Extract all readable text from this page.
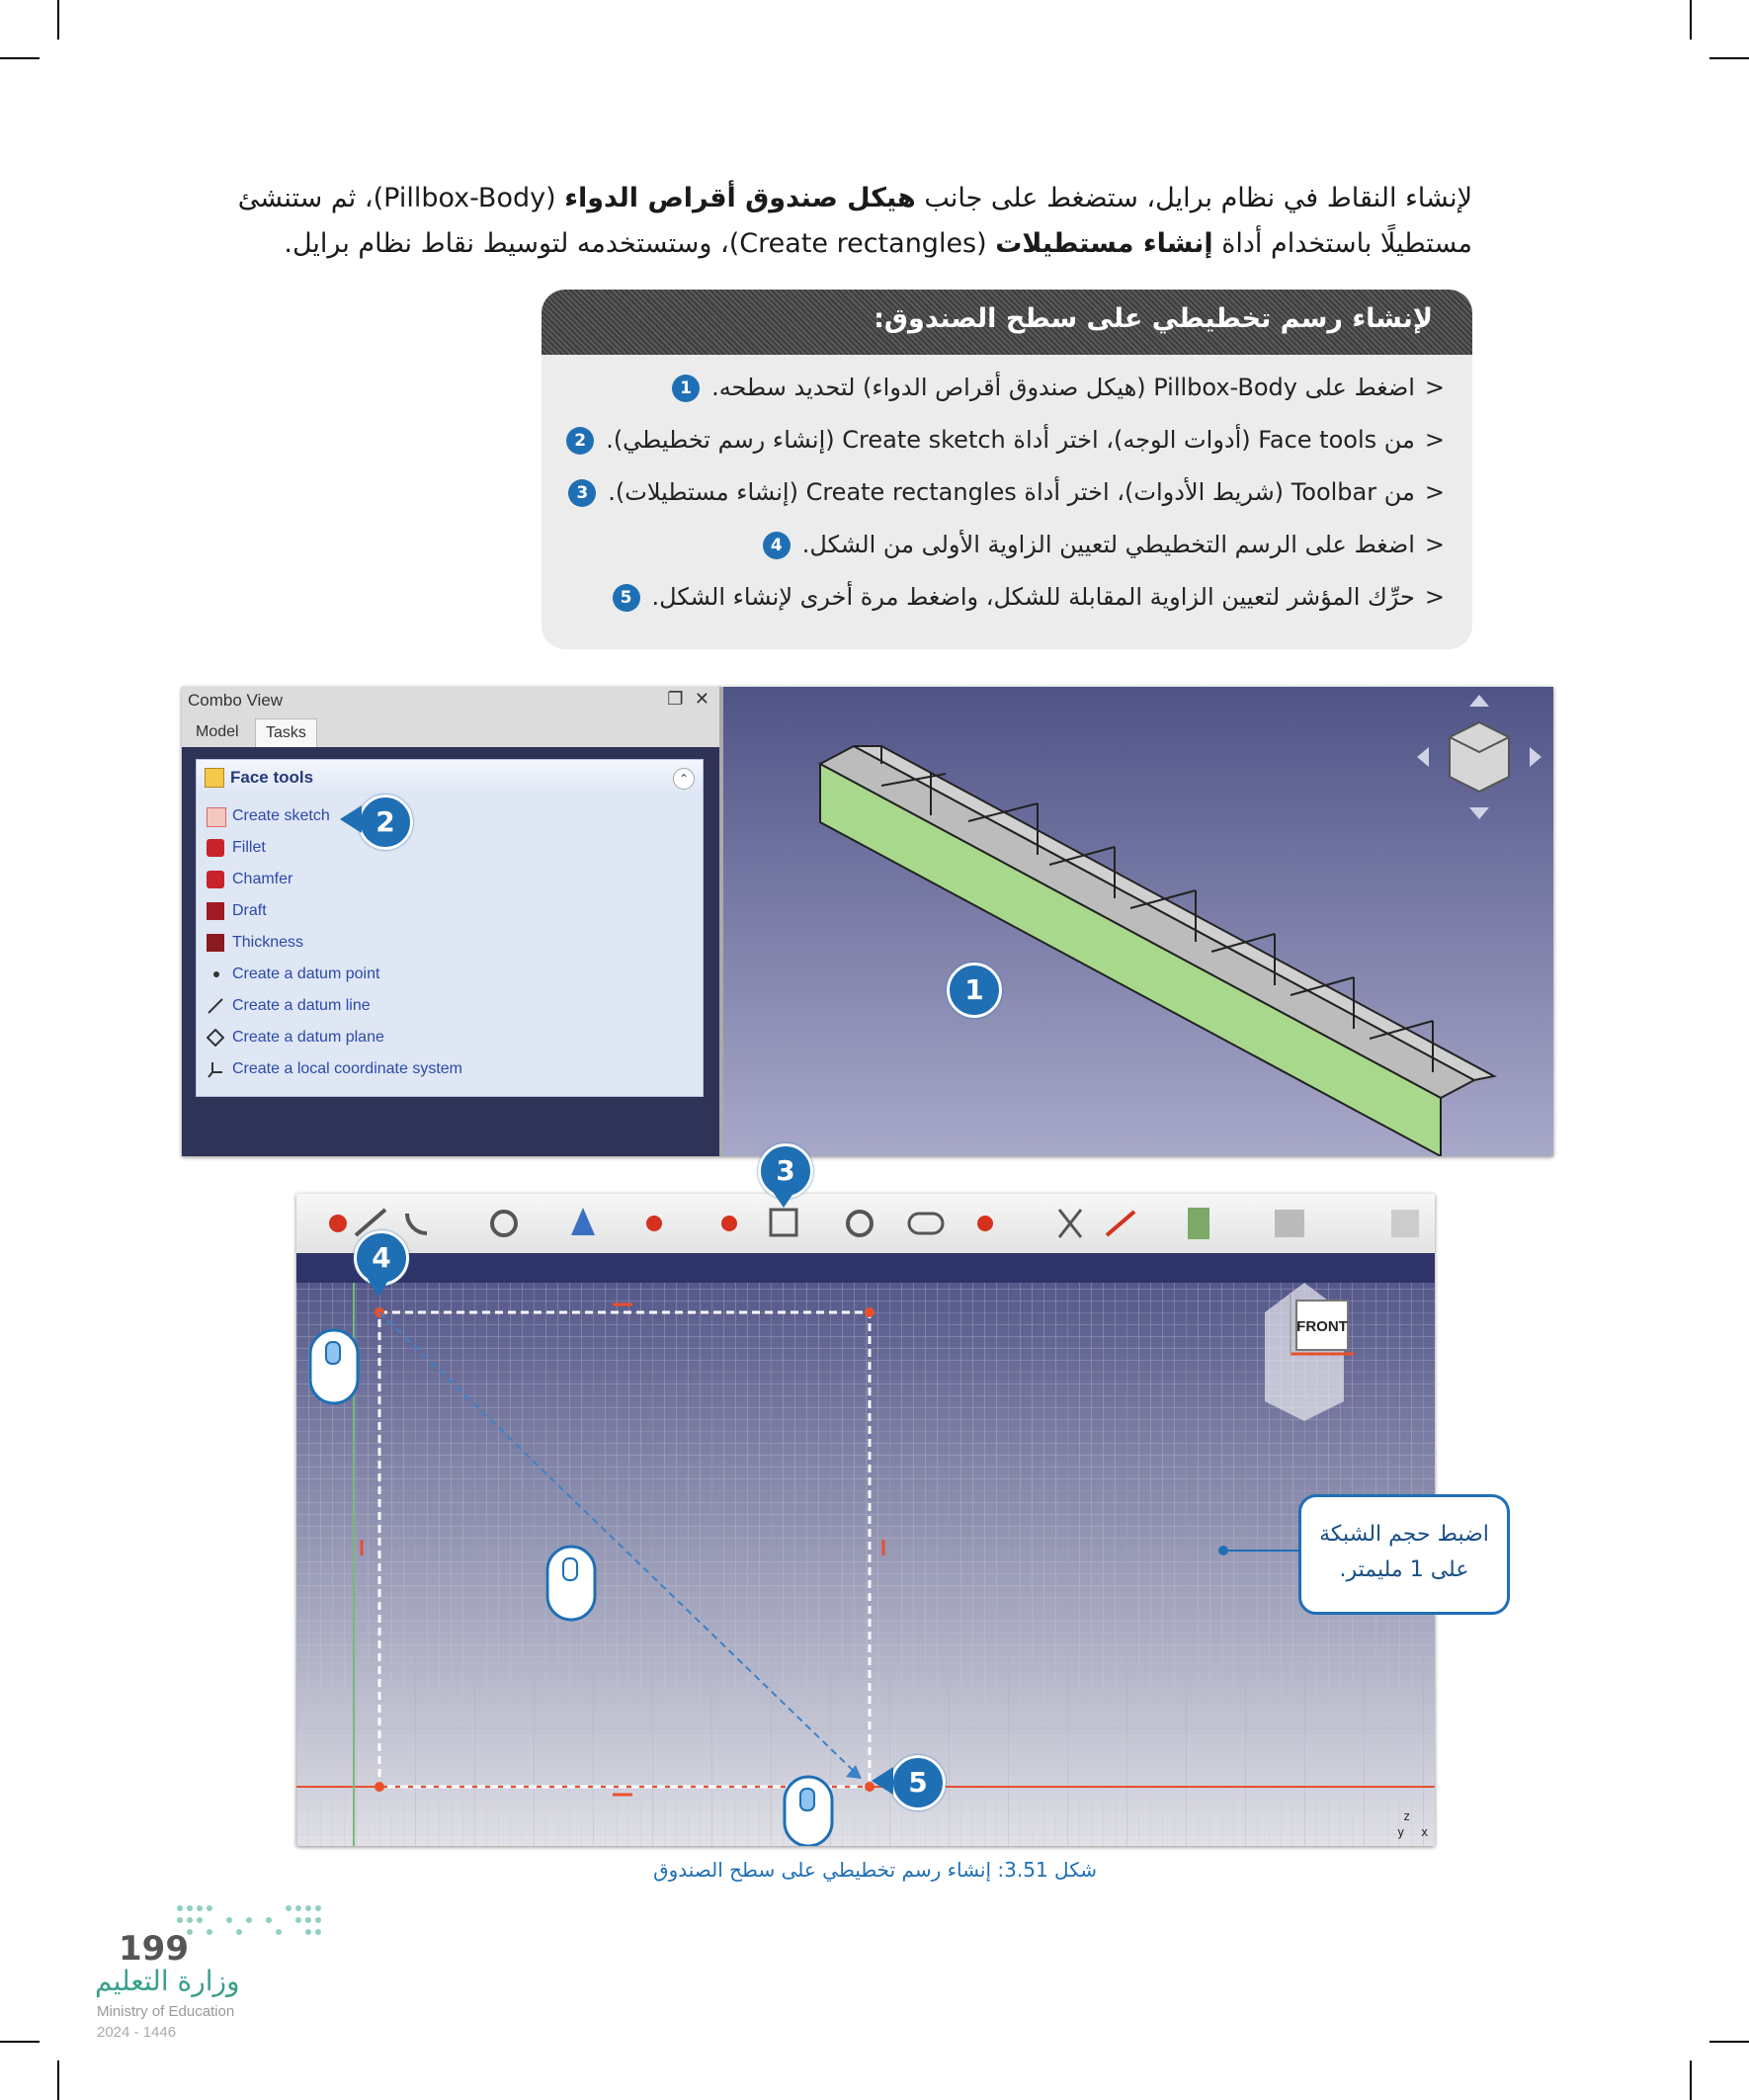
لإنشاء النقاط في نظام برايل، ستضغط على جانب هيكل صندوق أقراص الدواء (Pillbox-Body)، ثم ستنشئ
مستطيلًا باستخدام أداة إنشاء مستطيلات (Create rectangles)، وستستخدمه لتوسيط نقاط نظام برايل.
لإنشاء رسم تخطيطي على سطح الصندوق:
<اضغط على Pillbox-Body (هيكل صندوق أقراص الدواء) لتحديد سطحه.1
<من Face tools (أدوات الوجه)، اختر أداة Create sketch (إنشاء رسم تخطيطي).2
<من Toolbar (شريط الأدوات)، اختر أداة Create rectangles (إنشاء مستطيلات).3
<اضغط على الرسم التخطيطي لتعيين الزاوية الأولى من الشكل.4
<حرِّك المؤشر لتعيين الزاوية المقابلة للشكل، واضغط مرة أخرى لإنشاء الشكل.5
Combo View	❐ ✕
Model	Tasks
Face tools	⌃
Create sketch
Fillet
Chamfer
Draft
Thickness
Create a datum point
Create a datum line
Create a datum plane
Create a local coordinate system
1
2
FRONT
z
y x
3
4
5
اضبط حجم الشبكة
على 1 مليمتر.
شكل 3.51: إنشاء رسم تخطيطي على سطح الصندوق
199
وزارة التعليم
Ministry of Education
2024 - 1446
